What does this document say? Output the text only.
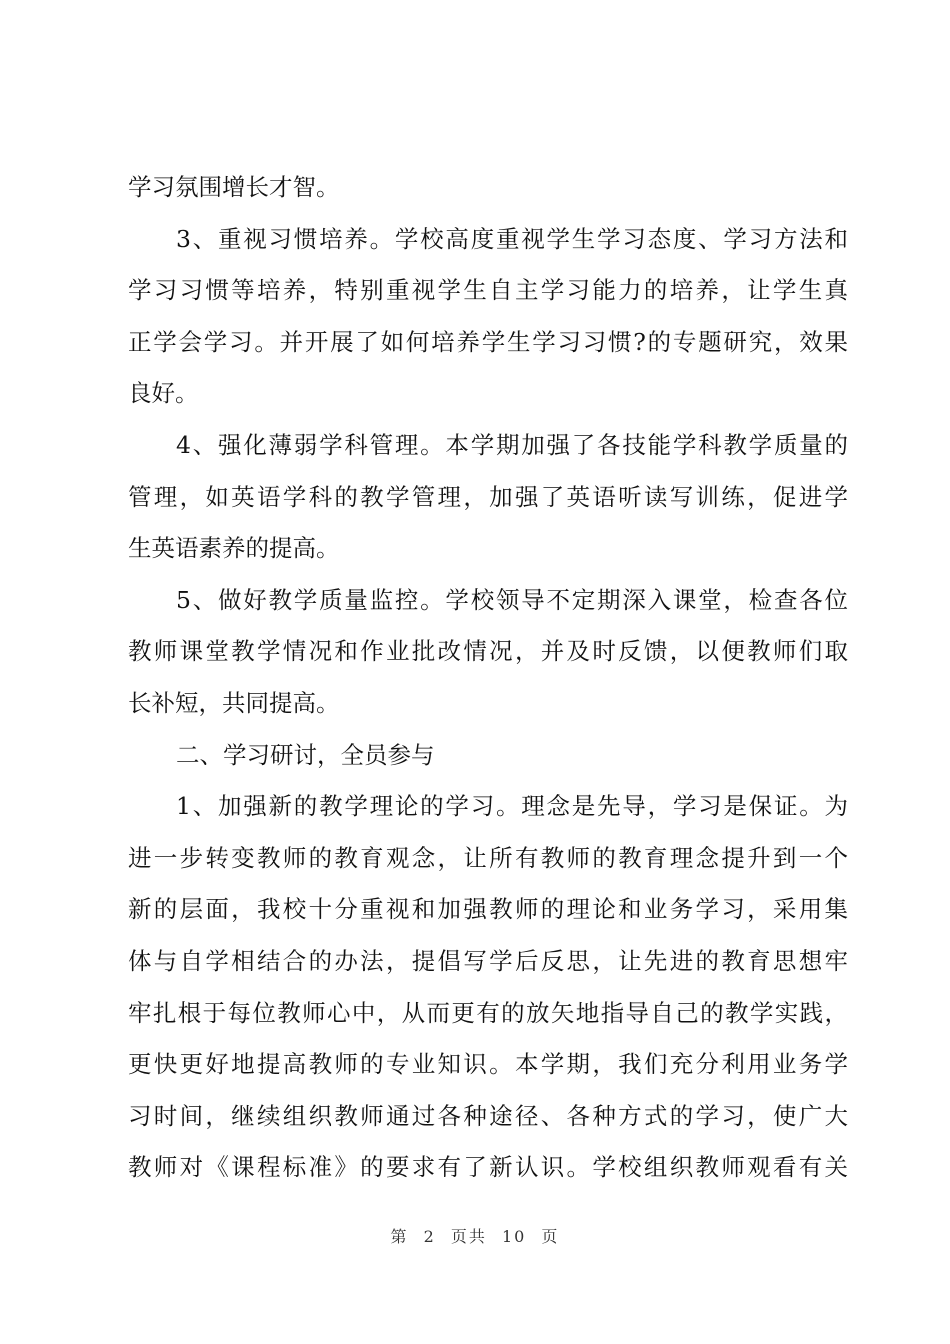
学习氛围增长才智。
3、重视习惯培养。学校高度重视学生学习态度、学习方法和
学习习惯等培养，特别重视学生自主学习能力的培养，让学生真
正学会学习。并开展了如何培养学生学习习惯?的专题研究，效果
良好。
4、强化薄弱学科管理。本学期加强了各技能学科教学质量的
管理，如英语学科的教学管理，加强了英语听读写训练，促进学
生英语素养的提高。
5、做好教学质量监控。学校领导不定期深入课堂，检查各位
教师课堂教学情况和作业批改情况，并及时反馈，以便教师们取
长补短，共同提高。
二、学习研讨，全员参与
1、加强新的教学理论的学习。理念是先导，学习是保证。为
进一步转变教师的教育观念，让所有教师的教育理念提升到一个
新的层面，我校十分重视和加强教师的理论和业务学习，采用集
体与自学相结合的办法，提倡写学后反思，让先进的教育思想牢
牢扎根于每位教师心中，从而更有的放矢地指导自己的教学实践，
更快更好地提高教师的专业知识。本学期，我们充分利用业务学
习时间，继续组织教师通过各种途径、各种方式的学习，使广大
教师对《课程标准》的要求有了新认识。学校组织教师观看有关
第 2 页共 10 页
